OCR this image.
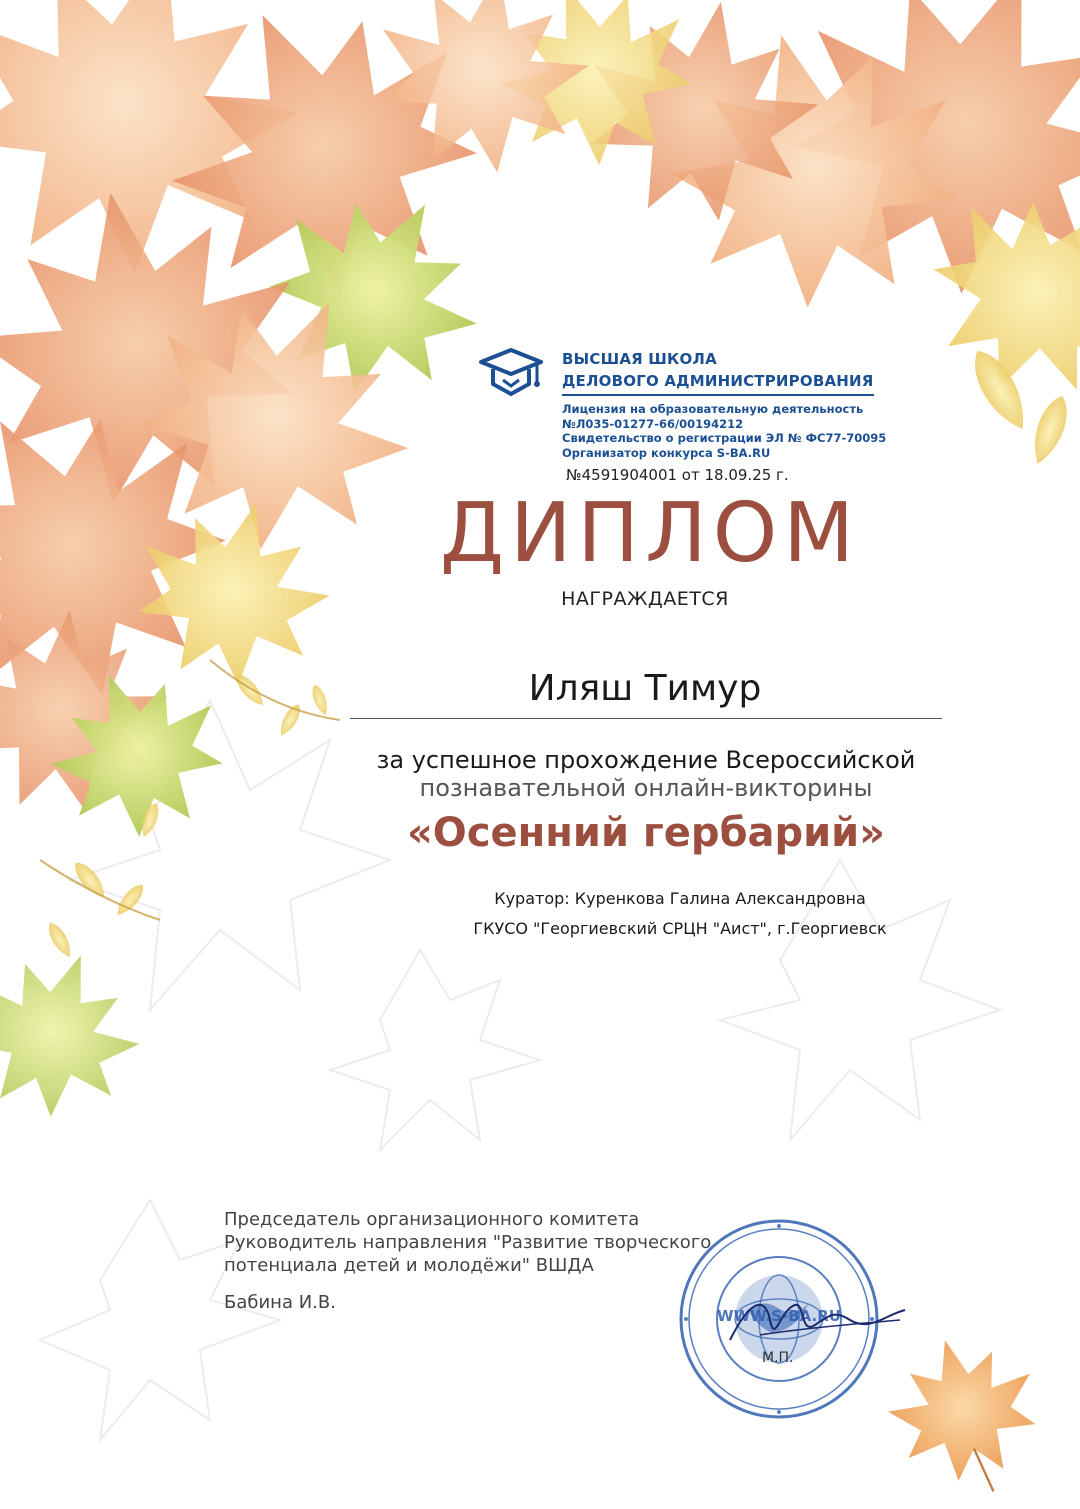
ВЫСШАЯ ШКОЛА
ДЕЛОВОГО АДМИНИСТРИРОВАНИЯ
Лицензия на образовательную деятельность
№Л035-01277-66/00194212
Свидетельство о регистрации ЭЛ № ФС77-70095
Организатор конкурса S-BA.RU
№4591904001 от 18.09.25 г.
ДИПЛОМ
НАГРАЖДАЕТСЯ
Иляш Тимур
за успешное прохождение Всероссийской
познавательной онлайн-викторины
«Осенний гербарий»
Куратор: Куренкова Галина Александровна
ГКУСО "Георгиевский СРЦН "Аист", г.Георгиевск
Председатель организационного комитета
Руководитель направления "Развитие творческого
потенциала детей и молодёжи" ВШДА
Бабина И.В.
WWW.S-BA.RU
М.П.
